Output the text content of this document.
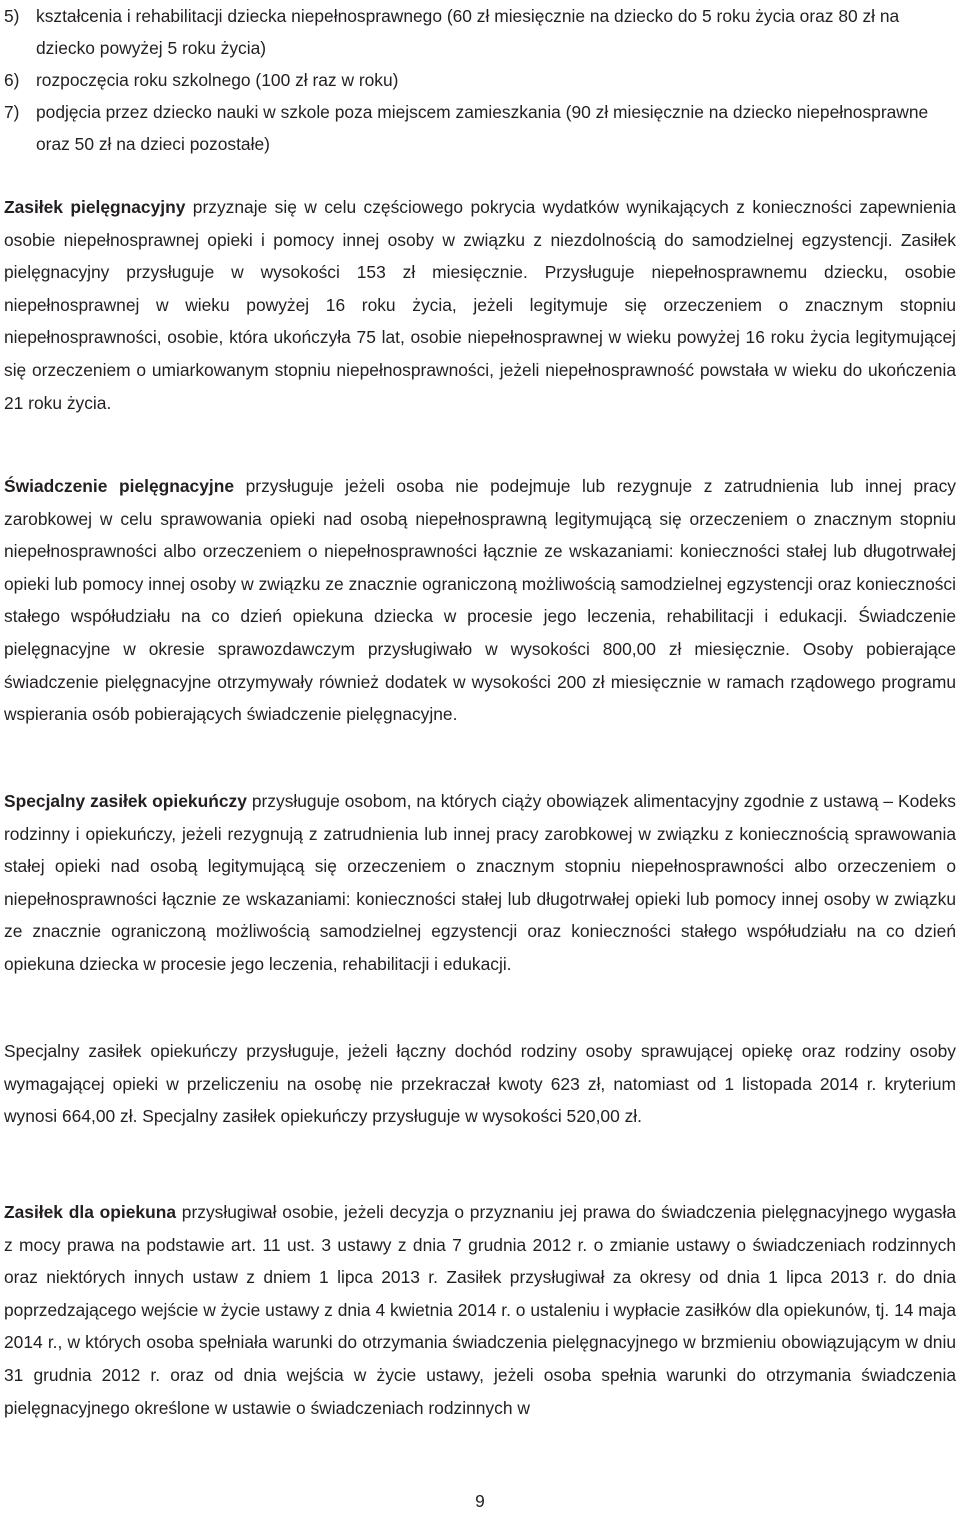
5) kształcenia i rehabilitacji dziecka niepełnosprawnego (60 zł miesięcznie na dziecko do 5 roku życia oraz 80 zł na dziecko powyżej 5 roku życia)
6) rozpoczęcia roku szkolnego (100 zł raz w roku)
7) podjęcia przez dziecko nauki w szkole poza miejscem zamieszkania (90 zł miesięcznie na dziecko niepełnosprawne oraz 50 zł na dzieci pozostałe)

Zasiłek pielęgnacyjny przyznaje się w celu częściowego pokrycia wydatków wynikających z konieczności zapewnienia osobie niepełnosprawnej opieki i pomocy innej osoby w związku z niezdolnością do samodzielnej egzystencji. Zasiłek pielęgnacyjny przysługuje w wysokości 153 zł miesięcznie. Przysługuje niepełnosprawnemu dziecku, osobie niepełnosprawnej w wieku powyżej 16 roku życia, jeżeli legitymuje się orzeczeniem o znacznym stopniu niepełnosprawności, osobie, która ukończyła 75 lat, osobie niepełnosprawnej w wieku powyżej 16 roku życia legitymującej się orzeczeniem o umiarkowanym stopniu niepełnosprawności, jeżeli niepełnosprawność powstała w wieku do ukończenia 21 roku życia.

Świadczenie pielęgnacyjne przysługuje jeżeli osoba nie podejmuje lub rezygnuje z zatrudnienia lub innej pracy zarobkowej w celu sprawowania opieki nad osobą niepełnosprawną legitymującą się orzeczeniem o znacznym stopniu niepełnosprawności albo orzeczeniem o niepełnosprawności łącznie ze wskazaniami: konieczności stałej lub długotrwałej opieki lub pomocy innej osoby w związku ze znacznie ograniczoną możliwością samodzielnej egzystencji oraz konieczności stałego współudziału na co dzień opiekuna dziecka w procesie jego leczenia, rehabilitacji i edukacji. Świadczenie pielęgnacyjne w okresie sprawozdawczym przysługiwało w wysokości 800,00 zł miesięcznie. Osoby pobierające świadczenie pielęgnacyjne otrzymywały również dodatek w wysokości 200 zł miesięcznie w ramach rządowego programu wspierania osób pobierających świadczenie pielęgnacyjne.

Specjalny zasiłek opiekuńczy przysługuje osobom, na których ciąży obowiązek alimentacyjny zgodnie z ustawą – Kodeks rodzinny i opiekuńczy, jeżeli rezygnują z zatrudnienia lub innej pracy zarobkowej w związku z koniecznością sprawowania stałej opieki nad osobą legitymującą się orzeczeniem o znacznym stopniu niepełnosprawności albo orzeczeniem o niepełnosprawności łącznie ze wskazaniami: konieczności stałej lub długotrwałej opieki lub pomocy innej osoby w związku ze znacznie ograniczoną możliwością samodzielnej egzystencji oraz konieczności stałego współudziału na co dzień opiekuna dziecka w procesie jego leczenia, rehabilitacji i edukacji.

Specjalny zasiłek opiekuńczy przysługuje, jeżeli łączny dochód rodziny osoby sprawującej opiekę oraz rodziny osoby wymagającej opieki w przeliczeniu na osobę nie przekraczał kwoty 623 zł, natomiast od 1 listopada 2014 r. kryterium wynosi 664,00 zł. Specjalny zasiłek opiekuńczy przysługuje w wysokości 520,00 zł.

Zasiłek dla opiekuna przysługiwał osobie, jeżeli decyzja o przyznaniu jej prawa do świadczenia pielęgnacyjnego wygasła z mocy prawa na podstawie art. 11 ust. 3 ustawy z dnia 7 grudnia 2012 r. o zmianie ustawy o świadczeniach rodzinnych oraz niektórych innych ustaw z dniem 1 lipca 2013 r. Zasiłek przysługiwał za okresy od dnia 1 lipca 2013 r. do dnia poprzedzającego wejście w życie ustawy z dnia 4 kwietnia 2014 r. o ustaleniu i wypłacie zasiłków dla opiekunów, tj. 14 maja 2014 r., w których osoba spełniała warunki do otrzymania świadczenia pielęgnacyjnego w brzmieniu obowiązującym w dniu 31 grudnia 2012 r. oraz od dnia wejścia w życie ustawy, jeżeli osoba spełnia warunki do otrzymania świadczenia pielęgnacyjnego określone w ustawie o świadczeniach rodzinnych w

9
